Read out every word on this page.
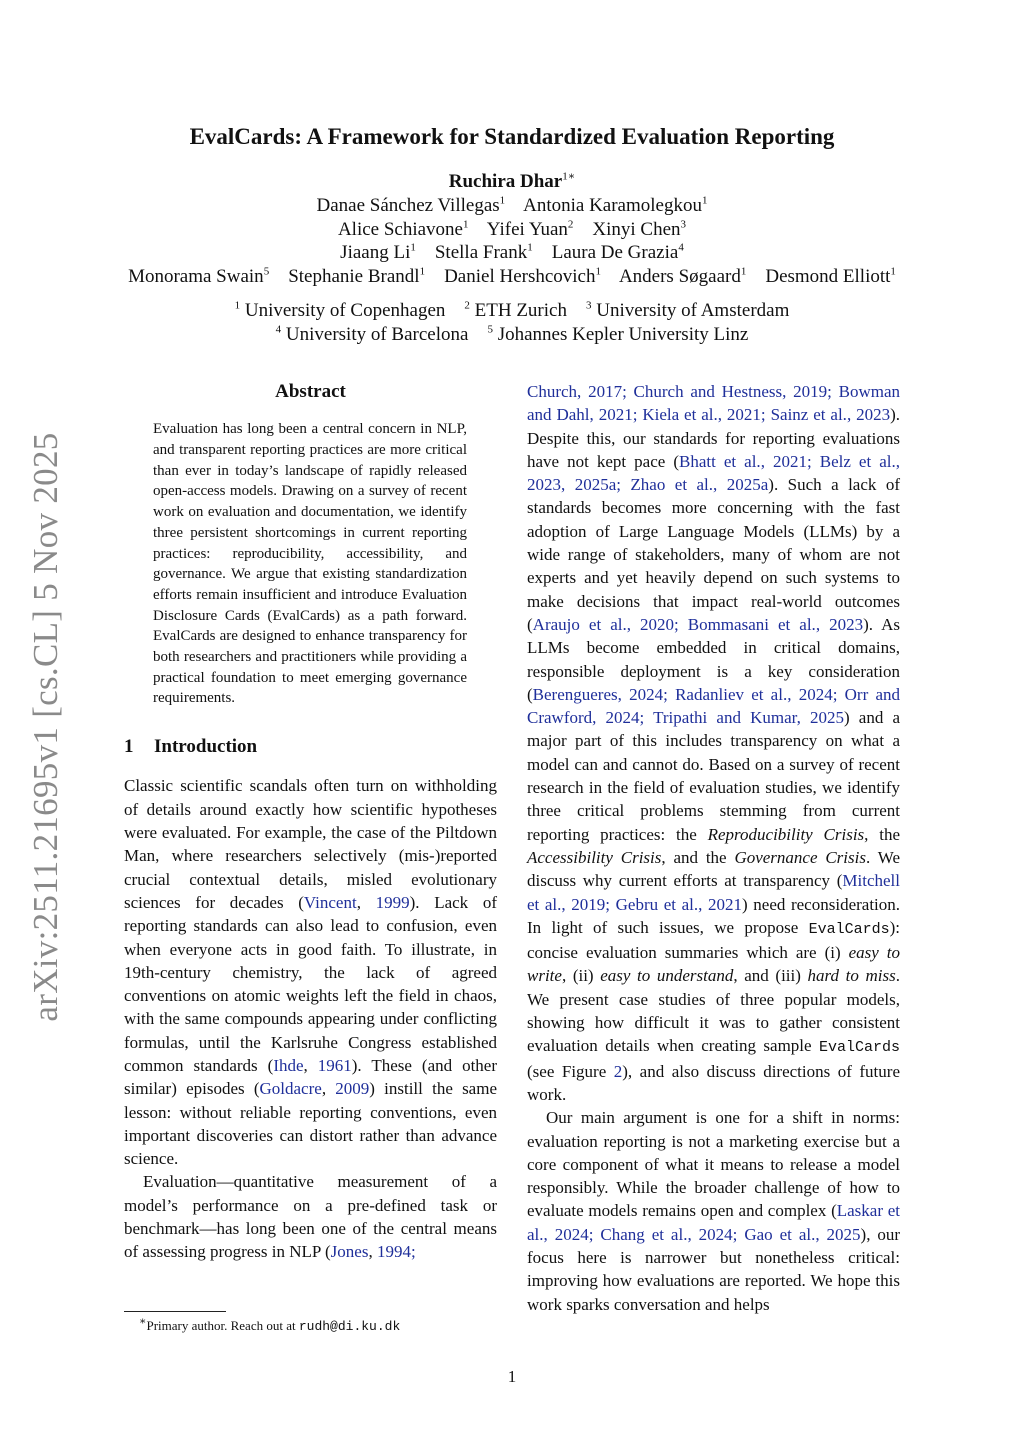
EvalCards: A Framework for Standardized Evaluation Reporting
Ruchira Dhar$^{1∗}$
Danae Sánchez Villegas$^1$ Antonia Karamolegkou$^1$
Alice Schiavone$^1$ Yifei Yuan$^2$ Xinyi Chen$^3$
Jiaang Li$^1$ Stella Frank$^1$ Laura De Grazia$^4$
Monorama Swain$^5$ Stephanie Brandl$^1$ Daniel Hershcovich$^1$ Anders Søgaard$^1$ Desmond Elliott$^1$
$^1$ University of Copenhagen $^2$ ETH Zurich $^3$ University of Amsterdam
$^4$ University of Barcelona $^5$ Johannes Kepler University Linz
arXiv:2511.21695v1 [cs.CL] 5 Nov 2025
Abstract
Evaluation has long been a central concern in NLP, and transparent reporting practices are more critical than ever in today’s landscape of rapidly released open-access models. Drawing on a survey of recent work on evaluation and documentation, we identify three persistent shortcomings in current reporting practices: reproducibility, accessibility, and governance. We argue that existing standardization efforts remain insufficient and introduce Evaluation Disclosure Cards (EvalCards) as a path forward. EvalCards are designed to enhance transparency for both researchers and practitioners while providing a practical foundation to meet emerging governance requirements.
1 Introduction

Classic scientific scandals often turn on withholding of details around exactly how scientific hypotheses were evaluated. For example, the case of the Piltdown Man, where researchers selectively (mis-)reported crucial contextual details, misled evolutionary sciences for decades (Vincent, 1999). Lack of reporting standards can also lead to confusion, even when everyone acts in good faith. To illustrate, in 19th-century chemistry, the lack of agreed conventions on atomic weights left the field in chaos, with the same compounds appearing under conflicting formulas, until the Karlsruhe Congress established common standards (Ihde, 1961). These (and other similar) episodes (Goldacre, 2009) instill the same lesson: without reliable reporting conventions, even important discoveries can distort rather than advance science.

Evaluation—quantitative measurement of a model’s performance on a pre-defined task or benchmark—has long been one of the central means of assessing progress in NLP (Jones, 1994;

Church, 2017; Church and Hestness, 2019; Bowman and Dahl, 2021; Kiela et al., 2021; Sainz et al., 2023). Despite this, our standards for reporting evaluations have not kept pace (Bhatt et al., 2021; Belz et al., 2023, 2025a; Zhao et al., 2025a). Such a lack of standards becomes more concerning with the fast adoption of Large Language Models (LLMs) by a wide range of stakeholders, many of whom are not experts and yet heavily depend on such systems to make decisions that impact real-world outcomes (Araujo et al., 2020; Bommasani et al., 2023). As LLMs become embedded in critical domains, responsible deployment is a key consideration (Berengueres, 2024; Radanliev et al., 2024; Orr and Crawford, 2024; Tripathi and Kumar, 2025) and a major part of this includes transparency on what a model can and cannot do. Based on a survey of recent research in the field of evaluation studies, we identify three critical problems stemming from current reporting practices: the Reproducibility Crisis, the Accessibility Crisis, and the Governance Crisis. We discuss why current efforts at transparency (Mitchell et al., 2019; Gebru et al., 2021) need reconsideration. In light of such issues, we propose EvalCards): concise evaluation summaries which are (i) easy to write, (ii) easy to understand, and (iii) hard to miss. We present case studies of three popular models, showing how difficult it was to gather consistent evaluation details when creating sample EvalCards (see Figure 2), and also discuss directions of future work.

Our main argument is one for a shift in norms: evaluation reporting is not a marketing exercise but a core component of what it means to release a model responsibly. While the broader challenge of how to evaluate models remains open and complex (Laskar et al., 2024; Chang et al., 2024; Gao et al., 2025), our focus here is narrower but nonetheless critical: improving how evaluations are reported. We hope this work sparks conversation and helps

∗Primary author. Reach out at rudh@di.ku.dk
1
